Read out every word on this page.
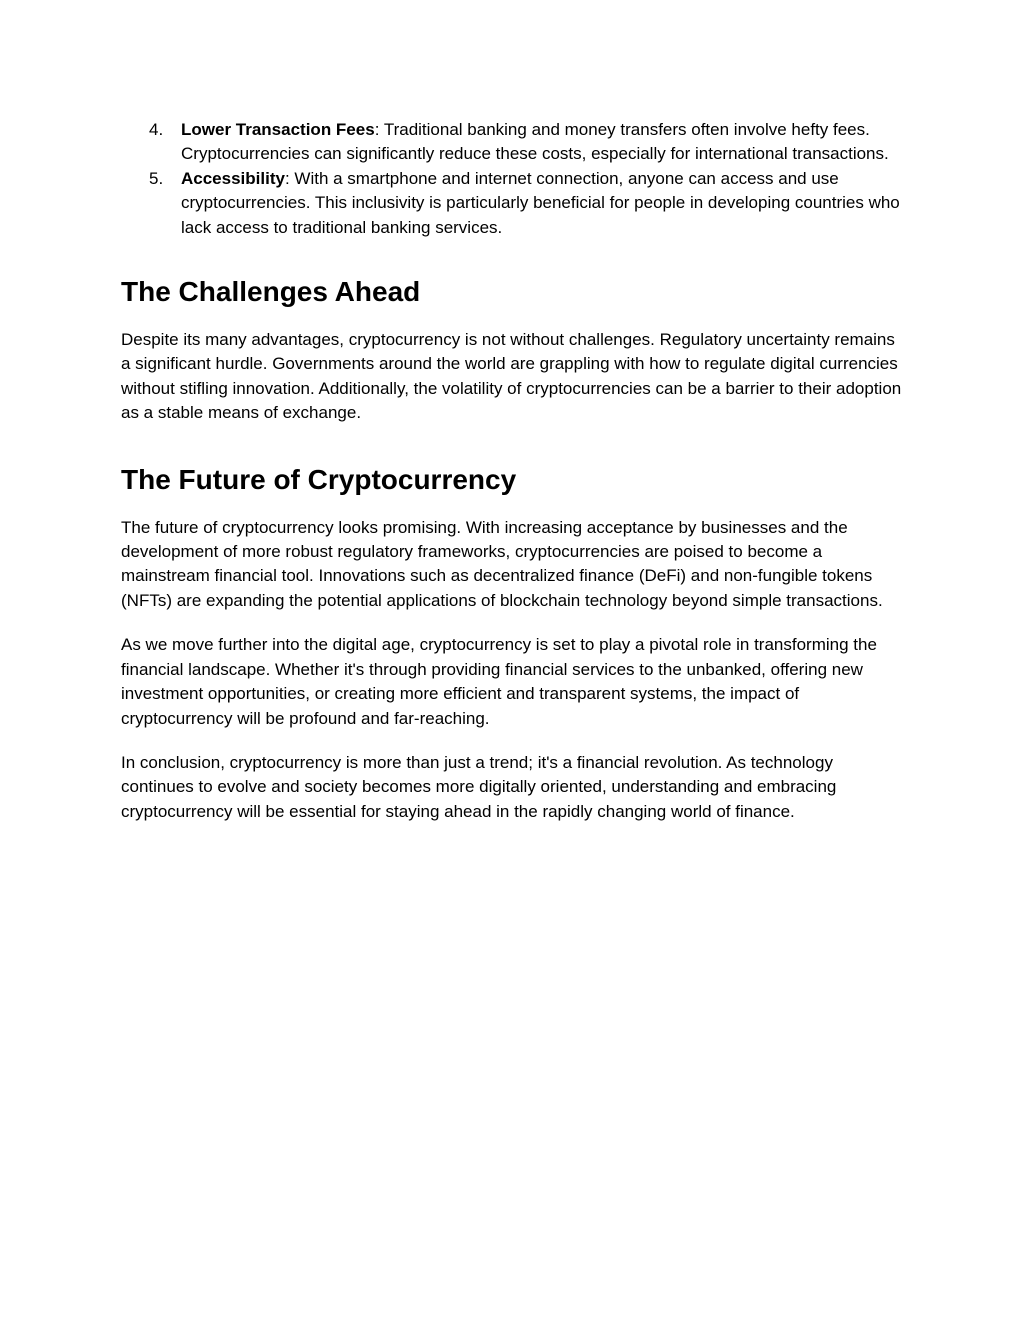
4. Lower Transaction Fees: Traditional banking and money transfers often involve hefty fees. Cryptocurrencies can significantly reduce these costs, especially for international transactions.
5. Accessibility: With a smartphone and internet connection, anyone can access and use cryptocurrencies. This inclusivity is particularly beneficial for people in developing countries who lack access to traditional banking services.
The Challenges Ahead

Despite its many advantages, cryptocurrency is not without challenges. Regulatory uncertainty remains a significant hurdle. Governments around the world are grappling with how to regulate digital currencies without stifling innovation. Additionally, the volatility of cryptocurrencies can be a barrier to their adoption as a stable means of exchange.

The Future of Cryptocurrency

The future of cryptocurrency looks promising. With increasing acceptance by businesses and the development of more robust regulatory frameworks, cryptocurrencies are poised to become a mainstream financial tool. Innovations such as decentralized finance (DeFi) and non-fungible tokens (NFTs) are expanding the potential applications of blockchain technology beyond simple transactions.

As we move further into the digital age, cryptocurrency is set to play a pivotal role in transforming the financial landscape. Whether it's through providing financial services to the unbanked, offering new investment opportunities, or creating more efficient and transparent systems, the impact of cryptocurrency will be profound and far-reaching.

In conclusion, cryptocurrency is more than just a trend; it's a financial revolution. As technology continues to evolve and society becomes more digitally oriented, understanding and embracing cryptocurrency will be essential for staying ahead in the rapidly changing world of finance.
